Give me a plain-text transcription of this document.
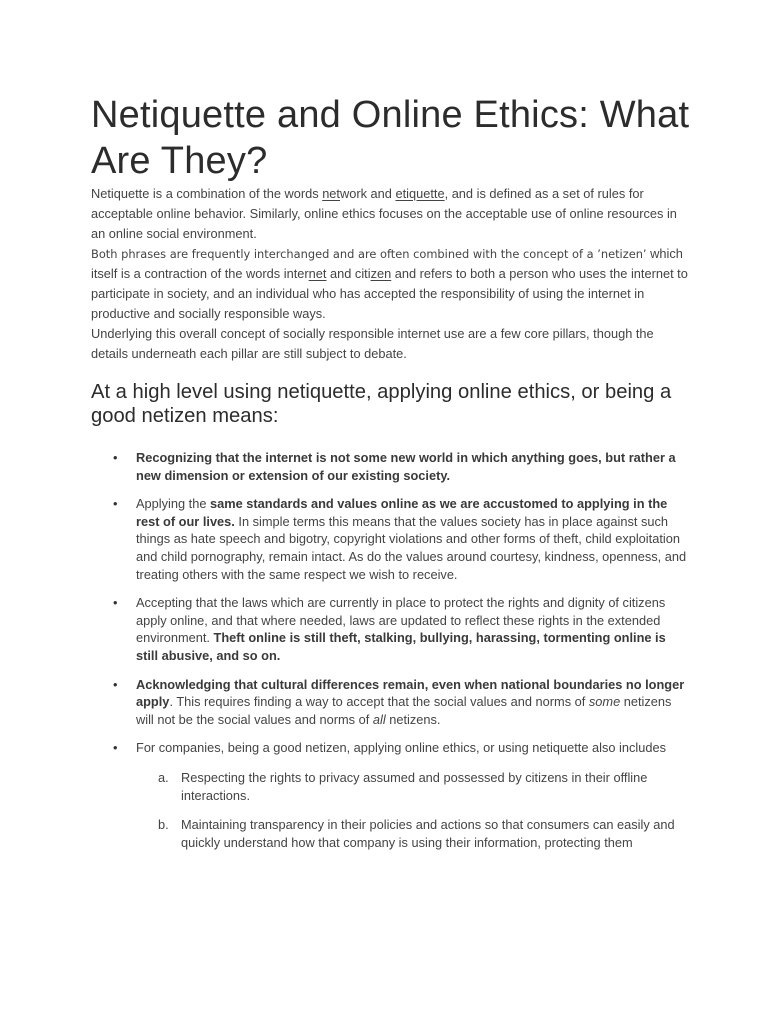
Netiquette and Online Ethics: What Are They?

Netiquette is a combination of the words network and etiquette, and is defined as a set of rules for acceptable online behavior. Similarly, online ethics focuses on the acceptable use of online resources in an online social environment.

Both phrases are frequently interchanged and are often combined with the concept of a ’netizen’ which itself is a contraction of the words internet and citizen and refers to both a person who uses the internet to participate in society, and an individual who has accepted the responsibility of using the internet in productive and socially responsible ways.

Underlying this overall concept of socially responsible internet use are a few core pillars, though the details underneath each pillar are still subject to debate.

At a high level using netiquette, applying online ethics, or being a good netizen means:
• Recognizing that the internet is not some new world in which anything goes, but rather a new dimension or extension of our existing society.
• Applying the same standards and values online as we are accustomed to applying in the rest of our lives. In simple terms this means that the values society has in place against such things as hate speech and bigotry, copyright violations and other forms of theft, child exploitation and child pornography, remain intact. As do the values around courtesy, kindness, openness, and treating others with the same respect we wish to receive.
• Accepting that the laws which are currently in place to protect the rights and dignity of citizens apply online, and that where needed, laws are updated to reflect these rights in the extended environment. Theft online is still theft, stalking, bullying, harassing, tormenting online is still abusive, and so on.
• Acknowledging that cultural differences remain, even when national boundaries no longer apply. This requires finding a way to accept that the social values and norms of some netizens will not be the social values and norms of all netizens.
• For companies, being a good netizen, applying online ethics, or using netiquette also includes
a. Respecting the rights to privacy assumed and possessed by citizens in their offline interactions.
b. Maintaining transparency in their policies and actions so that consumers can easily and quickly understand how that company is using their information, protecting them
